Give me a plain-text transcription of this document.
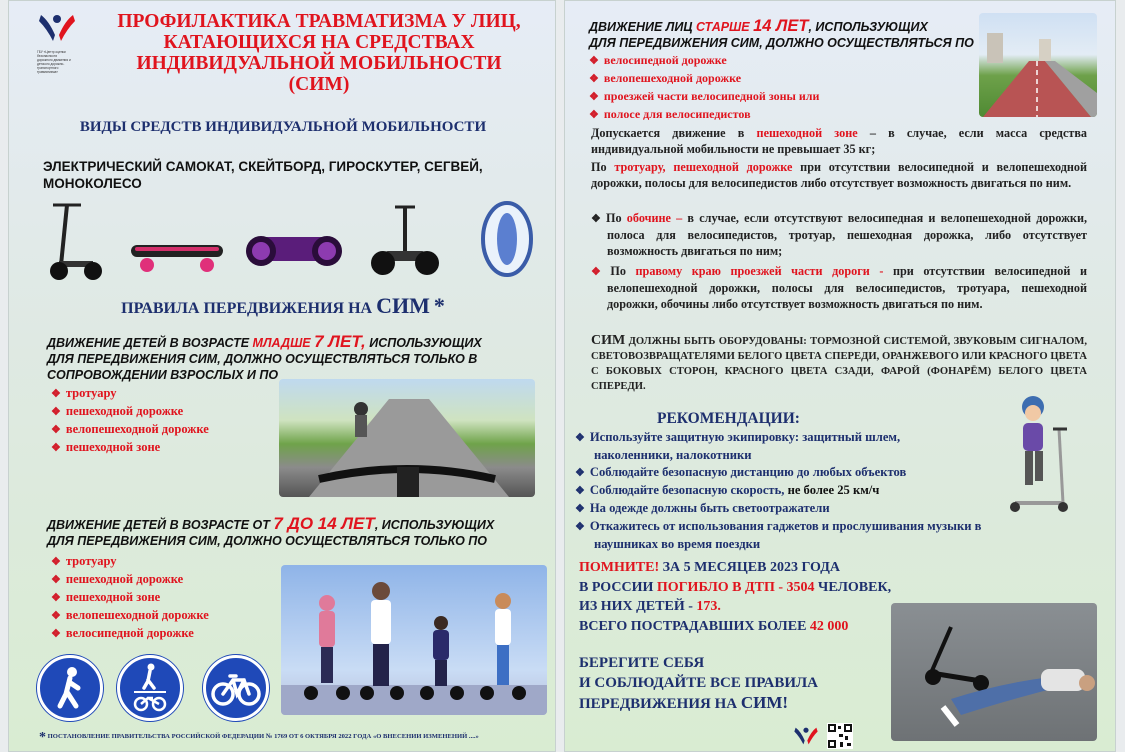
ГБУ «Центр оценки безопасности
дорожного движения и
детского дорожно-транспортного
травматизма»
ПРОФИЛАКТИКА ТРАВМАТИЗМА У ЛИЦ,
КАТАЮЩИХСЯ НА СРЕДСТВАХ
ИНДИВИДУАЛЬНОЙ МОБИЛЬНОСТИ
(СИМ)
ВИДЫ СРЕДСТВ ИНДИВИДУАЛЬНОЙ МОБИЛЬНОСТИ
ЭЛЕКТРИЧЕСКИЙ САМОКАТ, СКЕЙТБОРД, ГИРОСКУТЕР, СЕГВЕЙ,
МОНОКОЛЕСО
ПРАВИЛА ПЕРЕДВИЖЕНИЯ НА СИМ *
ДВИЖЕНИЕ ДЕТЕЙ В ВОЗРАСТЕ МЛАДШЕ 7 ЛЕТ, ИСПОЛЬЗУЮЩИХ
ДЛЯ ПЕРЕДВИЖЕНИЯ СИМ, ДОЛЖНО ОСУЩЕСТВЛЯТЬСЯ ТОЛЬКО В
СОПРОВОЖДЕНИИ ВЗРОСЛЫХ И ПО
❖ тротуару
❖ пешеходной дорожке
❖ велопешеходной дорожке
❖ пешеходной зоне
ДВИЖЕНИЕ ДЕТЕЙ В ВОЗРАСТЕ ОТ 7 ДО 14 ЛЕТ, ИСПОЛЬЗУЮЩИХ
ДЛЯ ПЕРЕДВИЖЕНИЯ СИМ, ДОЛЖНО ОСУЩЕСТВЛЯТЬСЯ ТОЛЬКО ПО
❖ тротуару
❖ пешеходной дорожке
❖ пешеходной зоне
❖ велопешеходной дорожке
❖ велосипедной дорожке
* ПОСТАНОВЛЕНИЕ ПРАВИТЕЛЬСТВА РОССИЙСКОЙ ФЕДЕРАЦИИ № 1769 ОТ 6 ОКТЯБРЯ 2022 ГОДА «О ВНЕСЕНИИ ИЗМЕНЕНИЙ ....»
ДВИЖЕНИЕ ЛИЦ СТАРШЕ 14 ЛЕТ, ИСПОЛЬЗУЮЩИХ
ДЛЯ ПЕРЕДВИЖЕНИЯ СИМ, ДОЛЖНО ОСУЩЕСТВЛЯТЬСЯ ПО
❖ велосипедной дорожке
❖ велопешеходной дорожке
❖ проезжей части велосипедной зоны или
❖ полосе для велосипедистов
Допускается движение в пешеходной зоне – в случае, если масса средства индивидуальной мобильности не превышает 35 кг;
По тротуару, пешеходной дорожке при отсутствии велосипедной и велопешеходной дорожки, полосы для велосипедистов либо отсутствует возможность двигаться по ним.
❖ По обочине – в случае, если отсутствуют велосипедная и велопешеходной дорожки, полоса для велосипедистов, тротуар, пешеходная дорожка, либо отсутствует возможность двигаться по ним;
❖ По правому краю проезжей части дороги - при отсутствии велосипедной и велопешеходной дорожки, полосы для велосипедистов, тротуара, пешеходной дорожки, обочины либо отсутствует возможность двигаться по ним.
СИМ ДОЛЖНЫ БЫТЬ ОБОРУДОВАНЫ: ТОРМОЗНОЙ СИСТЕМОЙ, ЗВУКОВЫМ СИГНАЛОМ, СВЕТОВОЗВРАЩАТЕЛЯМИ БЕЛОГО ЦВЕТА СПЕРЕДИ, ОРАНЖЕВОГО ИЛИ КРАСНОГО ЦВЕТА С БОКОВЫХ СТОРОН, КРАСНОГО ЦВЕТА СЗАДИ, ФАРОЙ (ФОНАРЁМ) БЕЛОГО ЦВЕТА СПЕРЕДИ.
РЕКОМЕНДАЦИИ:
❖ Используйте защитную экипировку: защитный шлем,
наколенники, налокотники
❖ Соблюдайте безопасную дистанцию до любых объектов
❖ Соблюдайте безопасную скорость, не более 25 км/ч
❖ На одежде должны быть светоотражатели
❖ Откажитесь от использования гаджетов и прослушивания музыки в
наушниках во время поездки
ПОМНИТЕ! ЗА 5 МЕСЯЦЕВ 2023 ГОДА
В РОССИИ ПОГИБЛО В ДТП - 3504 ЧЕЛОВЕК,
ИЗ НИХ ДЕТЕЙ - 173.
ВСЕГО ПОСТРАДАВШИХ БОЛЕЕ 42 000
БЕРЕГИТЕ СЕБЯ
И СОБЛЮДАЙТЕ ВСЕ ПРАВИЛА
ПЕРЕДВИЖЕНИЯ НА СИМ!
